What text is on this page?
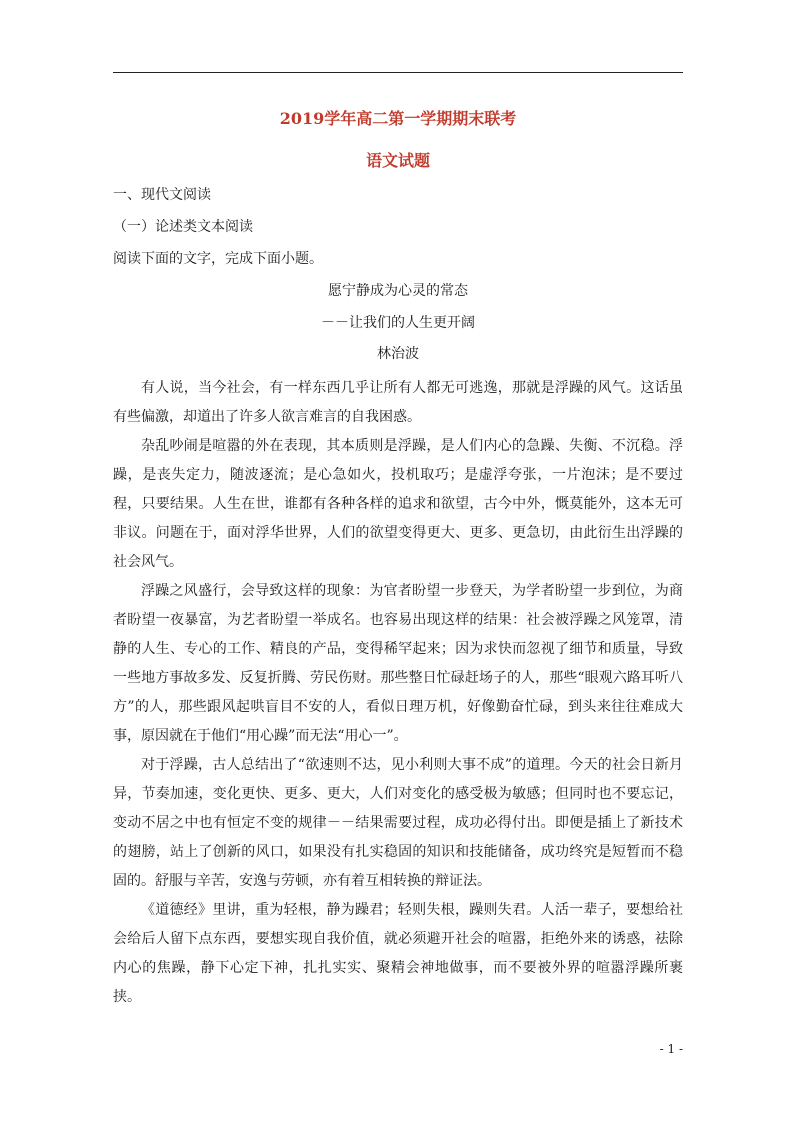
2019学年高二第一学期期末联考
语文试题

一、现代文阅读

（一）论述类文本阅读

阅读下面的文字，完成下面小题。

愿宁静成为心灵的常态

－－让我们的人生更开阔

林治波

有人说，当今社会，有一样东西几乎让所有人都无可逃逸，那就是浮躁的风气。这话虽有些偏激，却道出了许多人欲言难言的自我困惑。

杂乱吵闹是喧嚣的外在表现，其本质则是浮躁，是人们内心的急躁、失衡、不沉稳。浮躁，是丧失定力，随波逐流；是心急如火，投机取巧；是虚浮夸张，一片泡沫；是不要过程，只要结果。人生在世，谁都有各种各样的追求和欲望，古今中外，慨莫能外，这本无可非议。问题在于，面对浮华世界，人们的欲望变得更大、更多、更急切，由此衍生出浮躁的社会风气。

浮躁之风盛行，会导致这样的现象：为官者盼望一步登天，为学者盼望一步到位，为商者盼望一夜暴富，为艺者盼望一举成名。也容易出现这样的结果：社会被浮躁之风笼罩，清静的人生、专心的工作、精良的产品，变得稀罕起来；因为求快而忽视了细节和质量，导致一些地方事故多发、反复折腾、劳民伤财。那些整日忙碌赶场子的人，那些“眼观六路耳听八方”的人，那些跟风起哄盲目不安的人，看似日理万机，好像勤奋忙碌，到头来往往难成大事，原因就在于他们“用心躁”而无法“用心一”。

对于浮躁，古人总结出了“欲速则不达，见小利则大事不成”的道理。今天的社会日新月异，节奏加速，变化更快、更多、更大，人们对变化的感受极为敏感；但同时也不要忘记，变动不居之中也有恒定不变的规律－－结果需要过程，成功必得付出。即便是插上了新技术的翅膀，站上了创新的风口，如果没有扎实稳固的知识和技能储备，成功终究是短暂而不稳固的。舒服与辛苦，安逸与劳顿，亦有着互相转换的辩证法。

《道德经》里讲，重为轻根，静为躁君；轻则失根，躁则失君。人活一辈子，要想给社会给后人留下点东西，要想实现自我价值，就必须避开社会的喧嚣，拒绝外来的诱惑，祛除内心的焦躁，静下心定下神，扎扎实实、聚精会神地做事，而不要被外界的喧嚣浮躁所裹挟。

- 1 -
